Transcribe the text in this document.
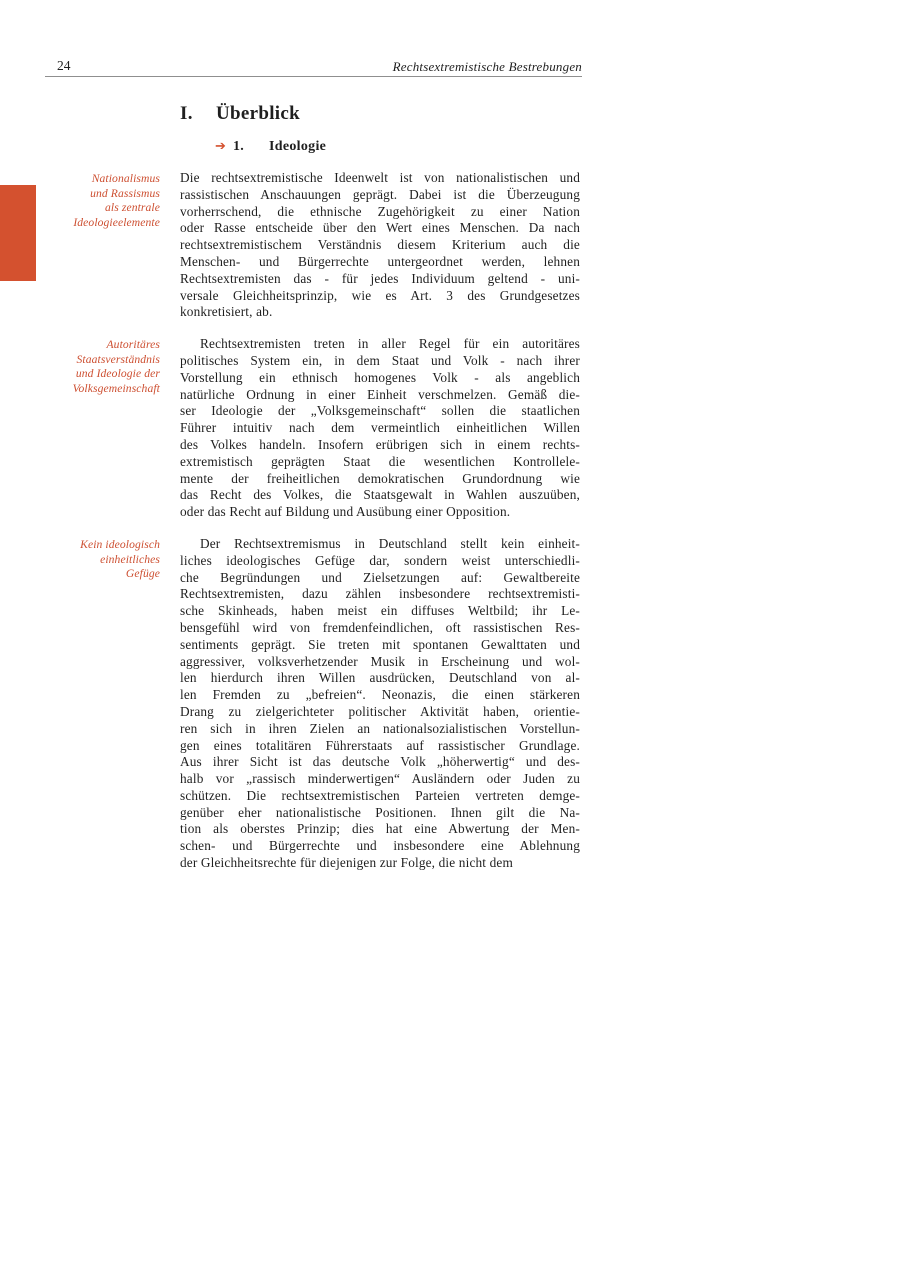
24	Rechtsextremistische Bestrebungen
I.	Überblick
➔ 1.	Ideologie
Nationalismus
und Rassismus
als zentrale
Ideologieelemente
Die rechtsextremistische Ideenwelt ist von nationalistischen und
rassistischen Anschauungen geprägt. Dabei ist die Überzeugung
vorherrschend, die ethnische Zugehörigkeit zu einer Nation
oder Rasse entscheide über den Wert eines Menschen. Da nach
rechtsextremistischem Verständnis diesem Kriterium auch die
Menschen- und Bürgerrechte untergeordnet werden, lehnen
Rechtsextremisten das - für jedes Individuum geltend - uni-
versale Gleichheitsprinzip, wie es Art. 3 des Grundgesetzes
konkretisiert, ab.
Autoritäres
Staatsverständnis
und Ideologie der
Volksgemeinschaft
Rechtsextremisten treten in aller Regel für ein autoritäres
politisches System ein, in dem Staat und Volk - nach ihrer
Vorstellung ein ethnisch homogenes Volk - als angeblich
natürliche Ordnung in einer Einheit verschmelzen. Gemäß die-
ser Ideologie der „Volksgemeinschaft“ sollen die staatlichen
Führer intuitiv nach dem vermeintlich einheitlichen Willen
des Volkes handeln. Insofern erübrigen sich in einem rechts-
extremistisch geprägten Staat die wesentlichen Kontrollele-
mente der freiheitlichen demokratischen Grundordnung wie
das Recht des Volkes, die Staatsgewalt in Wahlen auszuüben,
oder das Recht auf Bildung und Ausübung einer Opposition.
Kein ideologisch
einheitliches
Gefüge
Der Rechtsextremismus in Deutschland stellt kein einheit-
liches ideologisches Gefüge dar, sondern weist unterschiedli-
che Begründungen und Zielsetzungen auf: Gewaltbereite
Rechtsextremisten, dazu zählen insbesondere rechtsextremisti-
sche Skinheads, haben meist ein diffuses Weltbild; ihr Le-
bensgefühl wird von fremdenfeindlichen, oft rassistischen Res-
sentiments geprägt. Sie treten mit spontanen Gewalttaten und
aggressiver, volksverhetzender Musik in Erscheinung und wol-
len hierdurch ihren Willen ausdrücken, Deutschland von al-
len Fremden zu „befreien“. Neonazis, die einen stärkeren
Drang zu zielgerichteter politischer Aktivität haben, orientie-
ren sich in ihren Zielen an nationalsozialistischen Vorstellun-
gen eines totalitären Führerstaats auf rassistischer Grundlage.
Aus ihrer Sicht ist das deutsche Volk „höherwertig“ und des-
halb vor „rassisch minderwertigen“ Ausländern oder Juden zu
schützen. Die rechtsextremistischen Parteien vertreten demge-
genüber eher nationalistische Positionen. Ihnen gilt die Na-
tion als oberstes Prinzip; dies hat eine Abwertung der Men-
schen- und Bürgerrechte und insbesondere eine Ablehnung
der Gleichheitsrechte für diejenigen zur Folge, die nicht dem
